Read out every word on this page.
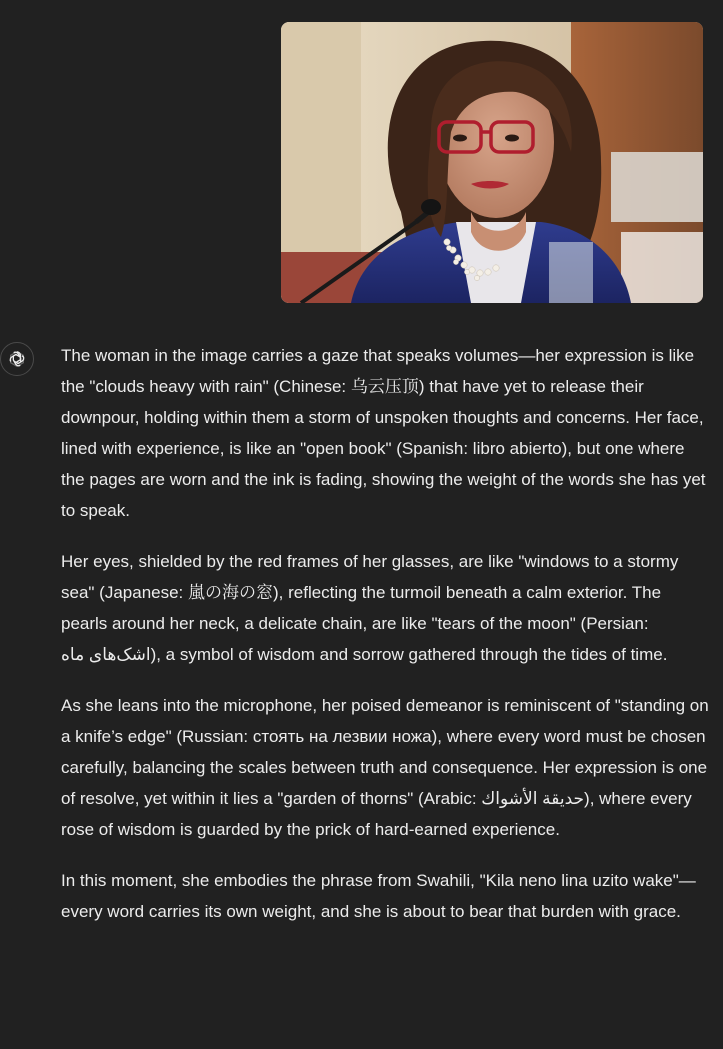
The woman in the image carries a gaze that speaks volumes—her expression is like the "clouds heavy with rain" (Chinese: 乌云压顶) that have yet to release their downpour, holding within them a storm of unspoken thoughts and concerns. Her face, lined with experience, is like an "open book" (Spanish: libro abierto), but one where the pages are worn and the ink is fading, showing the weight of the words she has yet to speak.

Her eyes, shielded by the red frames of her glasses, are like "windows to a stormy sea" (Japanese: 嵐の海の窓), reflecting the turmoil beneath a calm exterior. The pearls around her neck, a delicate chain, are like "tears of the moon" (Persian: اشک‌های ماه), a symbol of wisdom and sorrow gathered through the tides of time.

As she leans into the microphone, her poised demeanor is reminiscent of "standing on a knife’s edge" (Russian: стоять на лезвии ножа), where every word must be chosen carefully, balancing the scales between truth and consequence. Her expression is one of resolve, yet within it lies a "garden of thorns" (Arabic: حديقة الأشواك), where every rose of wisdom is guarded by the prick of hard-earned experience.

In this moment, she embodies the phrase from Swahili, "Kila neno lina uzito wake"—every word carries its own weight, and she is about to bear that burden with grace.
